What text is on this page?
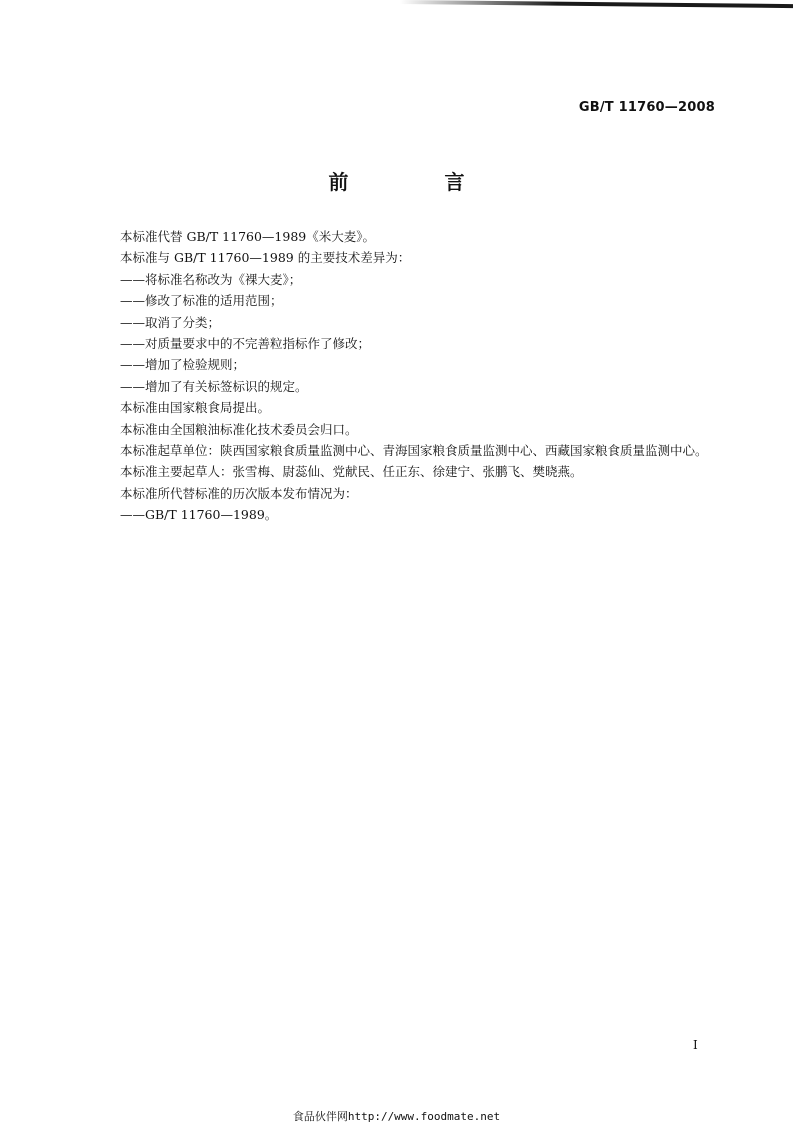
GB/T 11760—2008
前　言

本标准代替 GB/T 11760—1989《米大麦》。

本标准与 GB/T 11760—1989 的主要技术差异为：

——将标准名称改为《裸大麦》；

——修改了标准的适用范围；

——取消了分类；

——对质量要求中的不完善粒指标作了修改；

——增加了检验规则；

——增加了有关标签标识的规定。

本标准由国家粮食局提出。

本标准由全国粮油标准化技术委员会归口。

本标准起草单位：陕西国家粮食质量监测中心、青海国家粮食质量监测中心、西藏国家粮食质量监测中心。

本标准主要起草人：张雪梅、尉蕊仙、党献民、任正东、徐建宁、张鹏飞、樊晓燕。

本标准所代替标准的历次版本发布情况为：

——GB/T 11760—1989。

I
食品伙伴网http://www.foodmate.net
